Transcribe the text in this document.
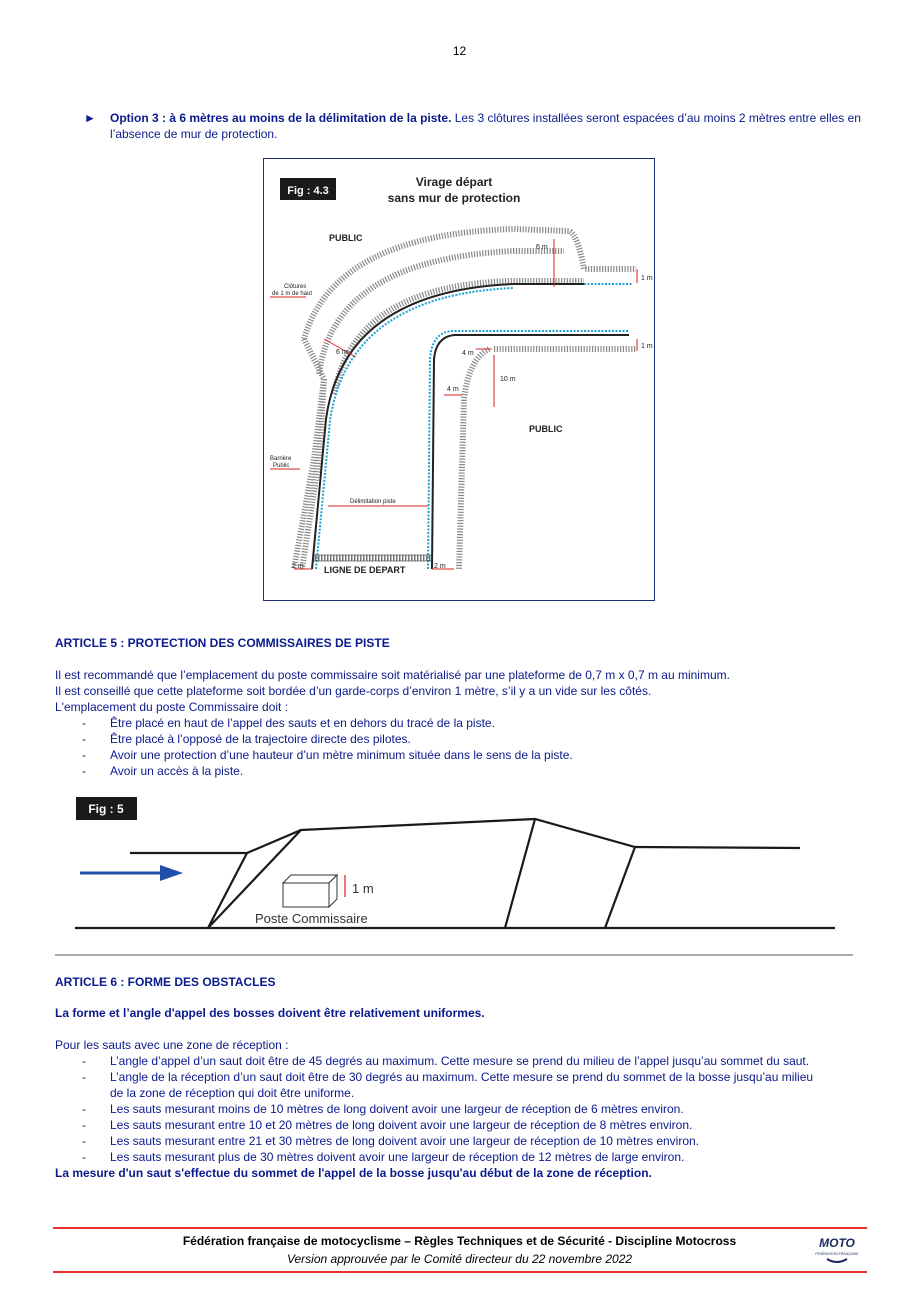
12
► Option 3 : à 6 mètres au moins de la délimitation de la piste. Les 3 clôtures installées seront espacées d’au moins 2 mètres entre elles en l’absence de mur de protection.
Fig : 4.3
Virage départ
sans mur de protection
PUBLIC
PUBLIC
LIGNE DE DEPART
6 m
1 m
6 m	4 m
1 m
10 m
4 m
2 m	2 m
Clôtures
de 1 m de haut
Barrière
Public
Délimitation piste
ARTICLE 5 : PROTECTION DES COMMISSAIRES DE PISTE
Il est recommandé que l’emplacement du poste commissaire soit matérialisé par une plateforme de 0,7 m x 0,7 m au minimum.
Il est conseillé que cette plateforme soit bordée d’un garde-corps d’environ 1 mètre, s’il y a un vide sur les côtés.
L'emplacement du poste Commissaire doit :
- Être placé en haut de l’appel des sauts et en dehors du tracé de la piste.
- Être placé à l’opposé de la trajectoire directe des pilotes.
- Avoir une protection d’une hauteur d’un mètre minimum située dans le sens de la piste.
- Avoir un accès à la piste.
Fig : 5
1 m
Poste Commissaire
ARTICLE 6 : FORME DES OBSTACLES
La forme et l’angle d'appel des bosses doivent être relativement uniformes.
Pour les sauts avec une zone de réception :
- L’angle d’appel d’un saut doit être de 45 degrés au maximum. Cette mesure se prend du milieu de l’appel jusqu’au sommet du saut.
- L’angle de la réception d’un saut doit être de 30 degrés au maximum. Cette mesure se prend du sommet de la bosse jusqu’au milieu
de la zone de réception qui doit être uniforme.
- Les sauts mesurant moins de 10 mètres de long doivent avoir une largeur de réception de 6 mètres environ.
- Les sauts mesurant entre 10 et 20 mètres de long doivent avoir une largeur de réception de 8 mètres environ.
- Les sauts mesurant entre 21 et 30 mètres de long doivent avoir une largeur de réception de 10 mètres environ.
- Les sauts mesurant plus de 30 mètres doivent avoir une largeur de réception de 12 mètres de large environ.
La mesure d'un saut s'effectue du sommet de l'appel de la bosse jusqu'au début de la zone de réception.
Fédération française de motocyclisme – Règles Techniques et de Sécurité - Discipline Motocross
Version approuvée par le Comité directeur du 22 novembre 2022
MOTO
FÉDÉRATION FRANÇAISE
